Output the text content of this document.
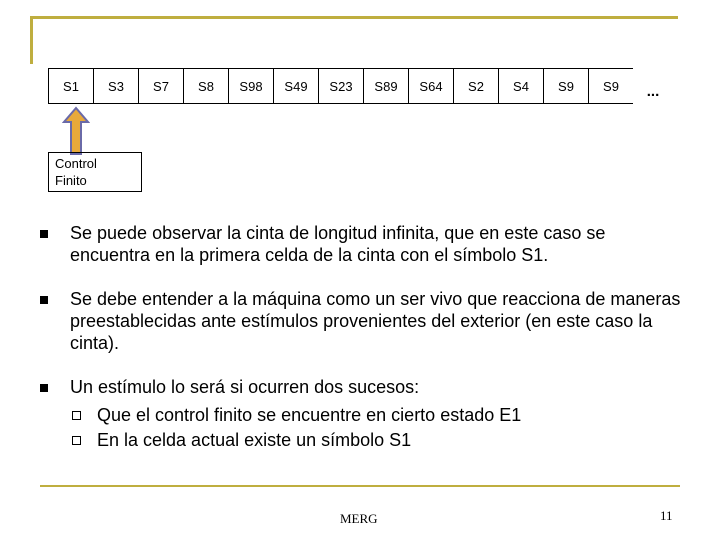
S1	S3	S7	S8	S98	S49	S23	S89	S64	S2	S4	S9	S9	...
Control
Finito
Se puede observar la cinta de longitud infinita, que en este caso se encuentra en la primera celda de la cinta con el símbolo S1.
Se debe entender a la máquina como un ser vivo que reacciona de maneras preestablecidas ante estímulos provenientes del exterior (en este caso la cinta).
Un estímulo lo será si ocurren dos sucesos:
Que el control finito se encuentre en cierto estado E1
En la celda actual existe un símbolo S1
MERG	11
